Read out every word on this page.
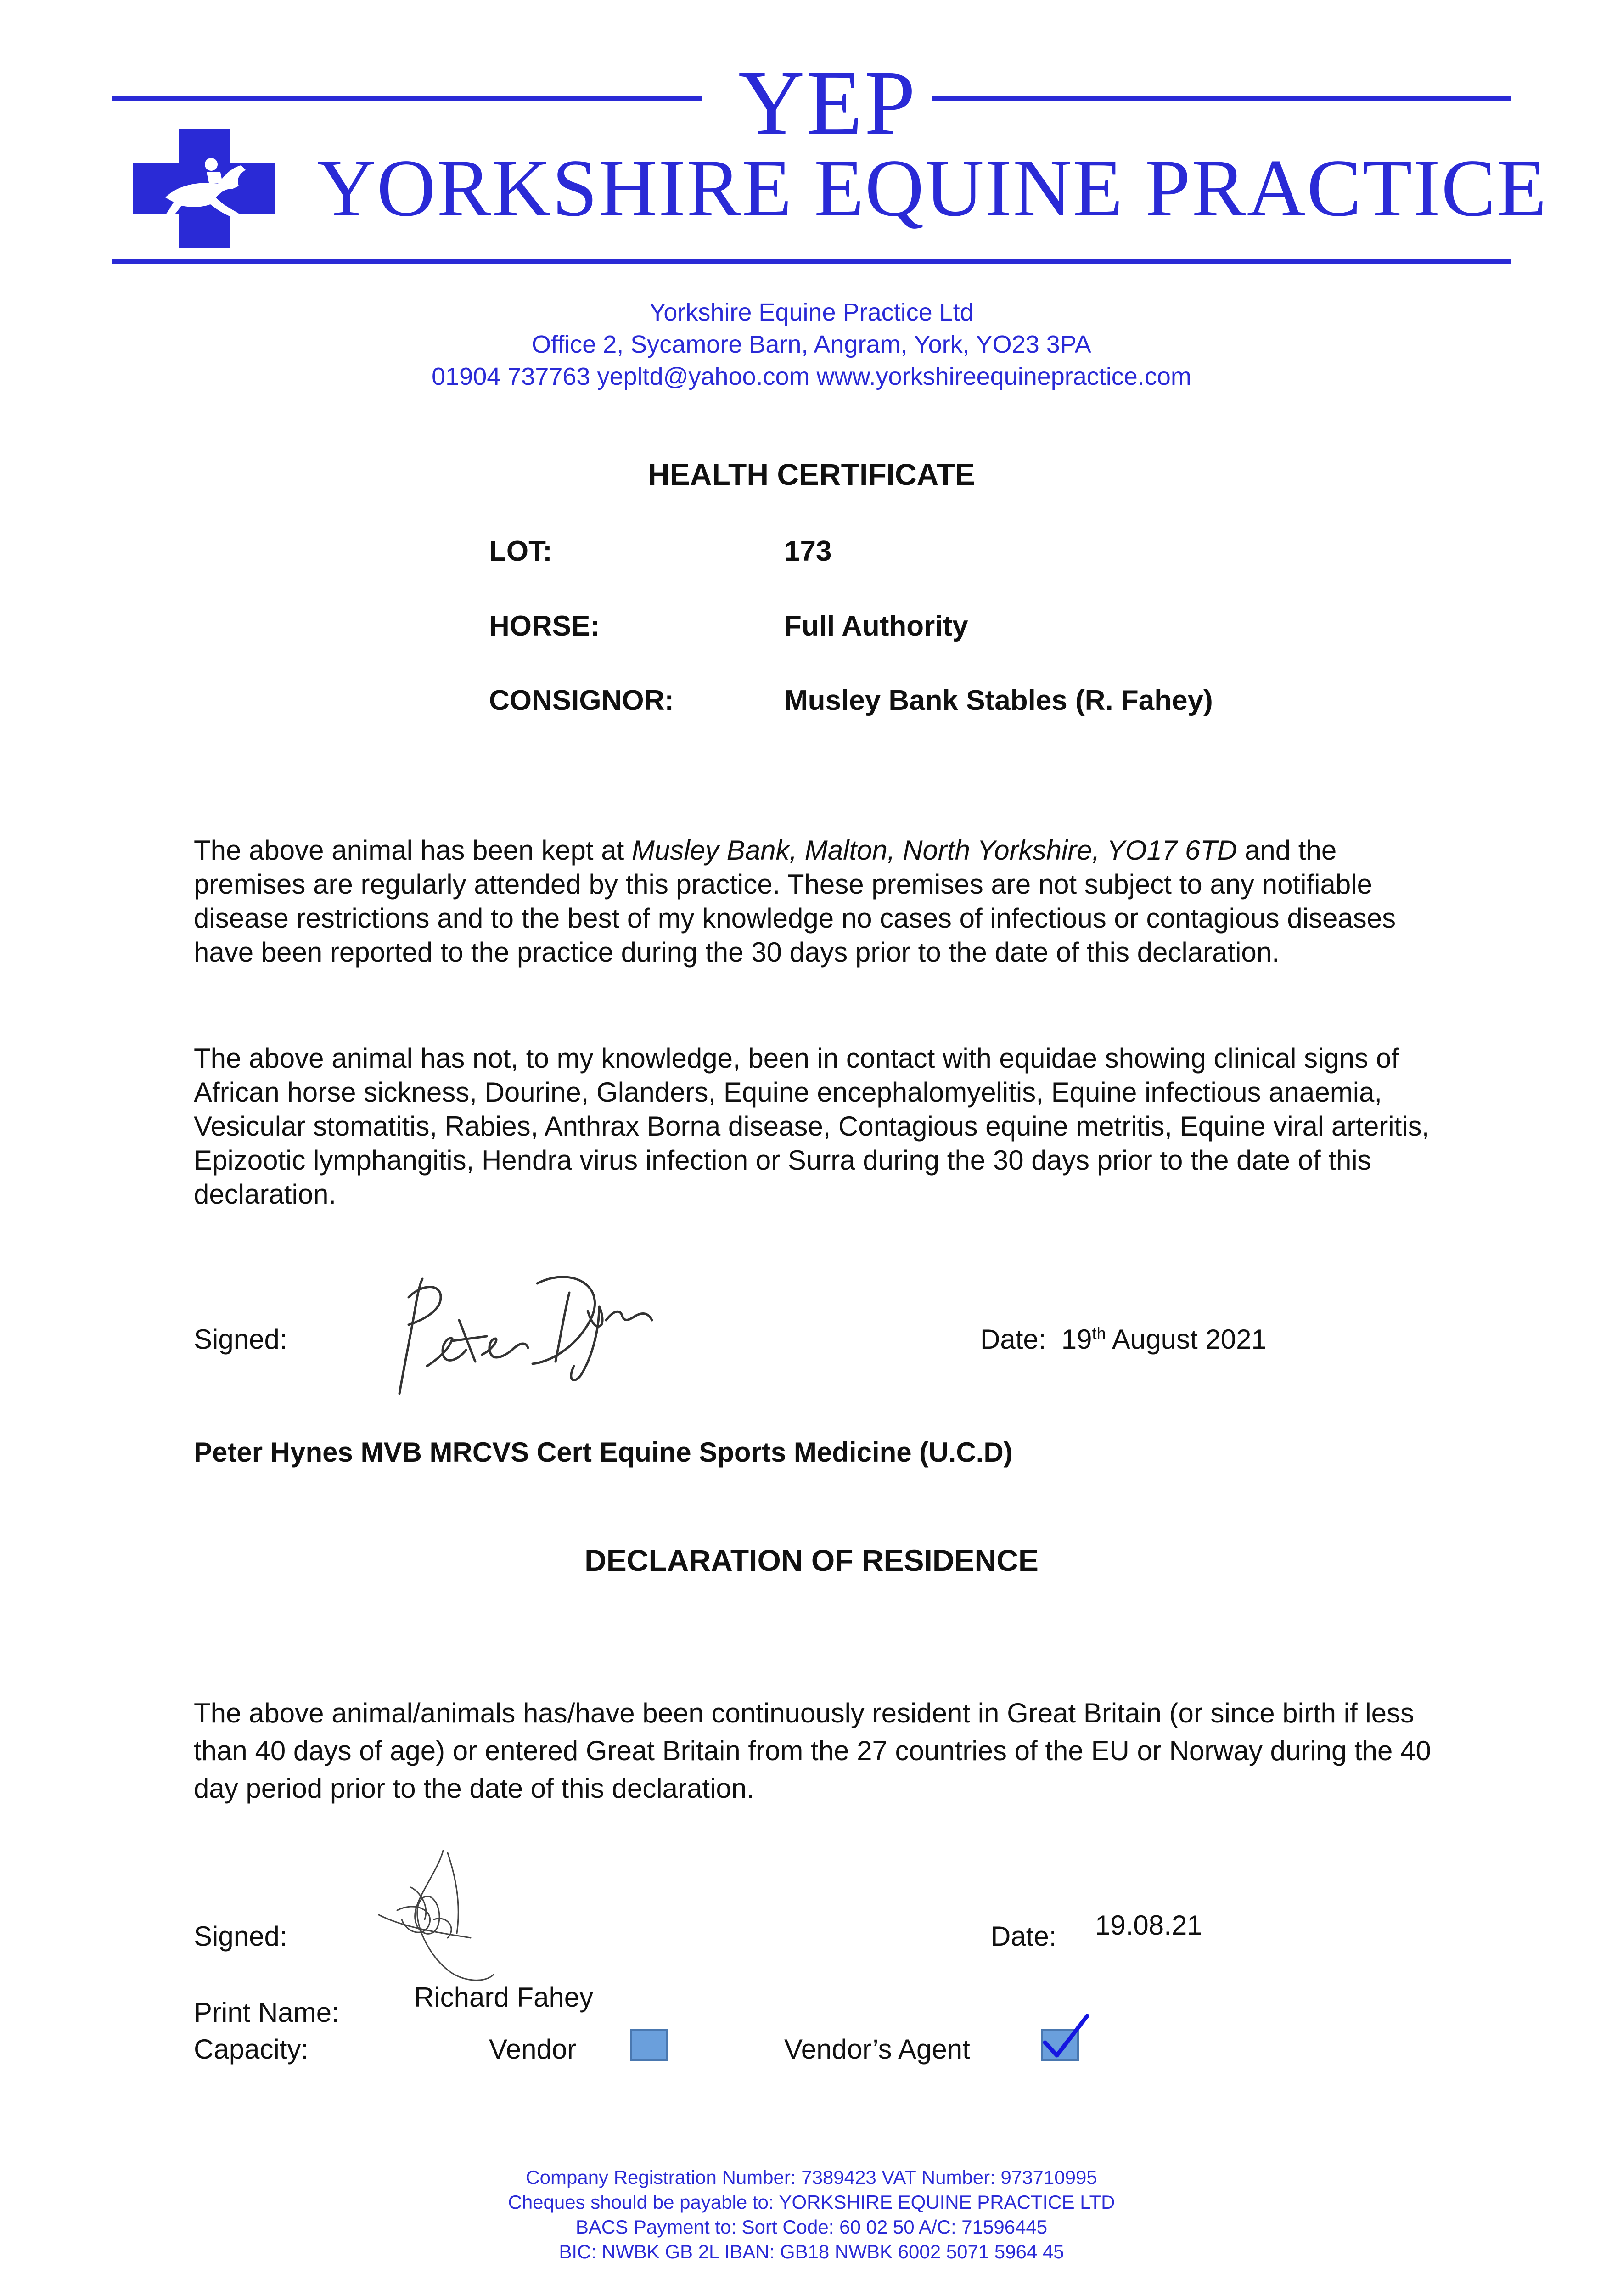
YEP
YORKSHIRE EQUINE PRACTICE
Yorkshire Equine Practice Ltd
Office 2, Sycamore Barn, Angram, York, YO23 3PA
01904 737763 yepltd@yahoo.com www.yorkshireequinepractice.com
HEALTH CERTIFICATE
LOT:	173
HORSE:	Full Authority
CONSIGNOR:	Musley Bank Stables (R. Fahey)

The above animal has been kept at Musley Bank, Malton, North Yorkshire, YO17 6TD and the premises are regularly attended by this practice. These premises are not subject to any notifiable disease restrictions and to the best of my knowledge no cases of infectious or contagious diseases have been reported to the practice during the 30 days prior to the date of this declaration.

The above animal has not, to my knowledge, been in contact with equidae showing clinical signs of African horse sickness, Dourine, Glanders, Equine encephalomyelitis, Equine infectious anaemia, Vesicular stomatitis, Rabies, Anthrax Borna disease, Contagious equine metritis, Equine viral arteritis, Epizootic lymphangitis, Hendra virus infection or Surra during the 30 days prior to the date of this declaration.

Signed:	Date: 19th August 2021
Peter Hynes MVB MRCVS Cert Equine Sports Medicine (U.C.D)
DECLARATION OF RESIDENCE

The above animal/animals has/have been continuously resident in Great Britain (or since birth if less than 40 days of age) or entered Great Britain from the 27 countries of the EU or Norway during the 40 day period prior to the date of this declaration.

Signed:	Date: 19.08.21
Print Name:	Richard Fahey
Capacity:	Vendor	Vendor’s Agent
Company Registration Number: 7389423 VAT Number: 973710995
Cheques should be payable to: YORKSHIRE EQUINE PRACTICE LTD
BACS Payment to: Sort Code: 60 02 50 A/C: 71596445
BIC: NWBK GB 2L IBAN: GB18 NWBK 6002 5071 5964 45
